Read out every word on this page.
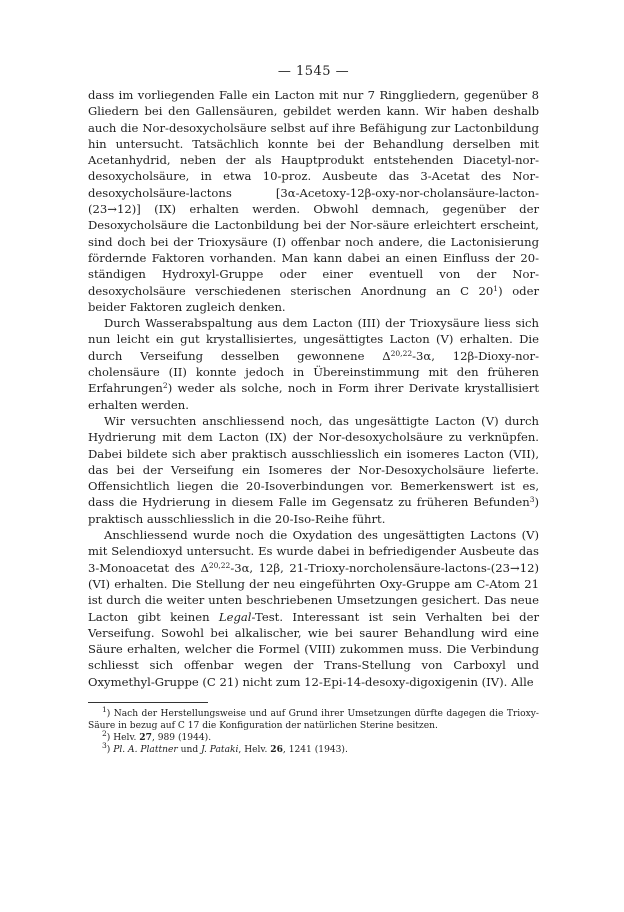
— 1545 —

dass im vorliegenden Falle ein Lacton mit nur 7 Ringgliedern, gegenüber 8 Gliedern bei den Gallensäuren, gebildet werden kann. Wir haben deshalb auch die Nor-desoxycholsäure selbst auf ihre Befähigung zur Lactonbildung hin untersucht. Tatsächlich konnte bei der Behandlung derselben mit Acetanhydrid, neben der als Hauptprodukt entstehenden Diacetyl-nor-desoxycholsäure, in etwa 10-proz. Ausbeute das 3-Acetat des Nor-desoxycholsäure-lactons [3α-Acetoxy-12β-oxy-nor-cholansäure-lacton-(23→12)] (IX) erhalten werden. Obwohl demnach, gegenüber der Desoxycholsäure die Lactonbildung bei der Nor-säure erleichtert erscheint, sind doch bei der Trioxysäure (I) offenbar noch andere, die Lactonisierung fördernde Faktoren vorhanden. Man kann dabei an einen Einfluss der 20-ständigen Hydroxyl-Gruppe oder einer eventuell von der Nor-desoxycholsäure verschiedenen sterischen Anordnung an C $20^1$) oder beider Faktoren zugleich denken.

Durch Wasserabspaltung aus dem Lacton (III) der Trioxysäure liess sich nun leicht ein gut krystallisiertes, ungesättigtes Lacton (V) erhalten. Die durch Verseifung desselben gewonnene Δ$^{20,22}$-3α, 12β-Dioxy-nor-cholensäure (II) konnte jedoch in Übereinstimmung mit den früheren Erfahrungen$^2$) weder als solche, noch in Form ihrer Derivate krystallisiert erhalten werden.

Wir versuchten anschliessend noch, das ungesättigte Lacton (V) durch Hydrierung mit dem Lacton (IX) der Nor-desoxycholsäure zu verknüpfen. Dabei bildete sich aber praktisch ausschliesslich ein isomeres Lacton (VII), das bei der Verseifung ein Isomeres der Nor-Desoxycholsäure lieferte. Offensichtlich liegen die 20-Isoverbindungen vor. Bemerkenswert ist es, dass die Hydrierung in diesem Falle im Gegensatz zu früheren Befunden$^3$) praktisch ausschliesslich in die 20-Iso-Reihe führt.

Anschliessend wurde noch die Oxydation des ungesättigten Lactons (V) mit Selendioxyd untersucht. Es wurde dabei in befriedigender Ausbeute das 3-Monoacetat des Δ$^{20,22}$-3α, 12β, 21-Trioxy-norcholensäure-lactons-(23→12) (VI) erhalten. Die Stellung der neu eingeführten Oxy-Gruppe am C-Atom 21 ist durch die weiter unten beschriebenen Umsetzungen gesichert. Das neue Lacton gibt keinen Legal-Test. Interessant ist sein Verhalten bei der Verseifung. Sowohl bei alkalischer, wie bei saurer Behandlung wird eine Säure erhalten, welcher die Formel (VIII) zukommen muss. Die Verbindung schliesst sich offenbar wegen der Trans-Stellung von Carboxyl und Oxymethyl-Gruppe (C 21) nicht zum 12-Epi-14-desoxy-digoxigenin (IV). Alle

$^1$) Nach der Herstellungsweise und auf Grund ihrer Umsetzungen dürfte dagegen die Trioxy-Säure in bezug auf C 17 die Konfiguration der natürlichen Sterine besitzen.

$^2$) Helv. 27, 989 (1944).

$^3$) Pl. A. Plattner und J. Pataki, Helv. 26, 1241 (1943).
